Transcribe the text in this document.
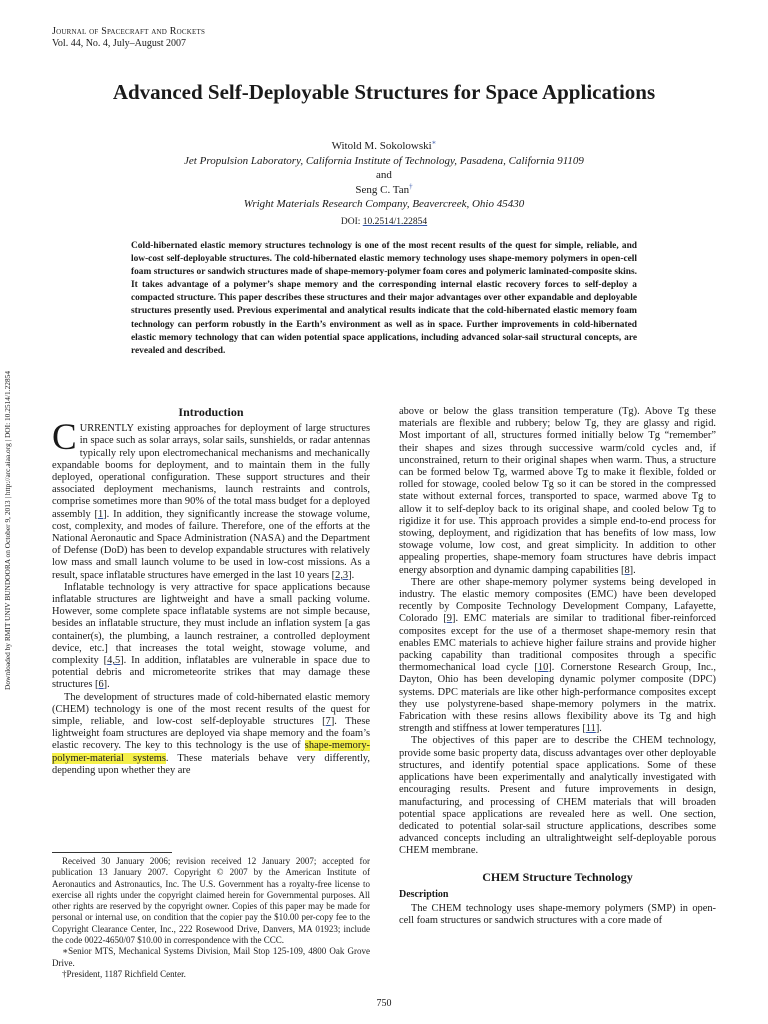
Journal of Spacecraft and Rockets
Vol. 44, No. 4, July–August 2007
Advanced Self-Deployable Structures for Space Applications
Witold M. Sokolowski∗
Jet Propulsion Laboratory, California Institute of Technology, Pasadena, California 91109
and
Seng C. Tan†
Wright Materials Research Company, Beavercreek, Ohio 45430
DOI: 10.2514/1.22854
Cold-hibernated elastic memory structures technology is one of the most recent results of the quest for simple, reliable, and low-cost self-deployable structures. The cold-hibernated elastic memory technology uses shape-memory polymers in open-cell foam structures or sandwich structures made of shape-memory-polymer foam cores and polymeric laminated-composite skins. It takes advantage of a polymer’s shape memory and the corresponding internal elastic recovery forces to self-deploy a compacted structure. This paper describes these structures and their major advantages over other expandable and deployable structures presently used. Previous experimental and analytical results indicate that the cold-hibernated elastic memory foam technology can perform robustly in the Earth’s environment as well as in space. Further improvements in cold-hibernated elastic memory technology that can widen potential space applications, including advanced solar-sail structural concepts, are revealed and described.
Downloaded by RMIT UNIV BUNDOORA on October 9, 2013 | http://arc.aiaa.org | DOI: 10.2514/1.22854	Introduction

CURRENTLY existing approaches for deployment of large structures in space such as solar arrays, solar sails, sunshields, or radar antennas typically rely upon electromechanical mechanisms and mechanically expandable booms for deployment, and to maintain them in the fully deployed, operational configuration. These support structures and their associated deployment mechanisms, launch restraints and controls, comprise sometimes more than 90% of the total mass budget for a deployed assembly [1]. In addition, they significantly increase the stowage volume, cost, complexity, and modes of failure. Therefore, one of the efforts at the National Aeronautic and Space Administration (NASA) and the Department of Defense (DoD) has been to develop expandable structures with relatively low mass and small launch volume to be used in low-cost missions. As a result, space inflatable structures have emerged in the last 10 years [2,3].

Inflatable technology is very attractive for space applications because inflatable structures are lightweight and have a small packing volume. However, some complete space inflatable systems are not simple because, besides an inflatable structure, they must include an inflation system [a gas container(s), the plumbing, a launch restrainer, a controlled deployment device, etc.] that increases the total weight, stowage volume, and complexity [4,5]. In addition, inflatables are vulnerable in space due to potential debris and micrometeorite strikes that may damage these structures [6].

The development of structures made of cold-hibernated elastic memory (CHEM) technology is one of the most recent results of the quest for simple, reliable, and low-cost self-deployable structures [7]. These lightweight foam structures are deployed via shape memory and the foam’s elastic recovery. The key to this technology is the use of shape-memory-polymer-material systems. These materials behave very differently, depending upon whether they are

Received 30 January 2006; revision received 12 January 2007; accepted for publication 13 January 2007. Copyright © 2007 by the American Institute of Aeronautics and Astronautics, Inc. The U.S. Government has a royalty-free license to exercise all rights under the copyright claimed herein for Governmental purposes. All other rights are reserved by the copyright owner. Copies of this paper may be made for personal or internal use, on condition that the copier pay the $10.00 per-copy fee to the Copyright Clearance Center, Inc., 222 Rosewood Drive, Danvers, MA 01923; include the code 0022-4650/07 $10.00 in correspondence with the CCC.

∗Senior MTS, Mechanical Systems Division, Mail Stop 125-109, 4800 Oak Grove Drive.

†President, 1187 Richfield Center.

above or below the glass transition temperature (Tg). Above Tg these materials are flexible and rubbery; below Tg, they are glassy and rigid. Most important of all, structures formed initially below Tg “remember” their shapes and sizes through successive warm/cold cycles and, if unconstrained, return to their original shapes when warm. Thus, a structure can be formed below Tg, warmed above Tg to make it flexible, folded or rolled for stowage, cooled below Tg so it can be stored in the compressed state without external forces, transported to space, warmed above Tg to allow it to self-deploy back to its original shape, and cooled below Tg to rigidize it for use. This approach provides a simple end-to-end process for stowing, deployment, and rigidization that has benefits of low mass, low stowage volume, low cost, and great simplicity. In addition to other appealing properties, shape-memory foam structures have debris impact energy absorption and dynamic damping capabilities [8].

There are other shape-memory polymer systems being developed in industry. The elastic memory composites (EMC) have been developed recently by Composite Technology Development Company, Lafayette, Colorado [9]. EMC materials are similar to traditional fiber-reinforced composites except for the use of a thermoset shape-memory resin that enables EMC materials to achieve higher failure strains and provide higher packing capability than traditional composites through a specific thermomechanical load cycle [10]. Cornerstone Research Group, Inc., Dayton, Ohio has been developing dynamic polymer composite (DPC) systems. DPC materials are like other high-performance composites except they use polystyrene-based shape-memory polymers in the matrix. Fabrication with these resins allows flexibility above its Tg and high strength and stiffness at lower temperatures [11].

The objectives of this paper are to describe the CHEM technology, provide some basic property data, discuss advantages over other deployable structures, and identify potential space applications. Some of these applications have been experimentally and analytically investigated with encouraging results. Present and future improvements in design, manufacturing, and processing of CHEM materials that will broaden potential space applications are revealed here as well. One section, dedicated to potential solar-sail structure applications, describes some advanced concepts including an ultralightweight self-deployable porous CHEM membrane.

CHEM Structure Technology
Description

The CHEM technology uses shape-memory polymers (SMP) in open-cell foam structures or sandwich structures with a core made of

750
